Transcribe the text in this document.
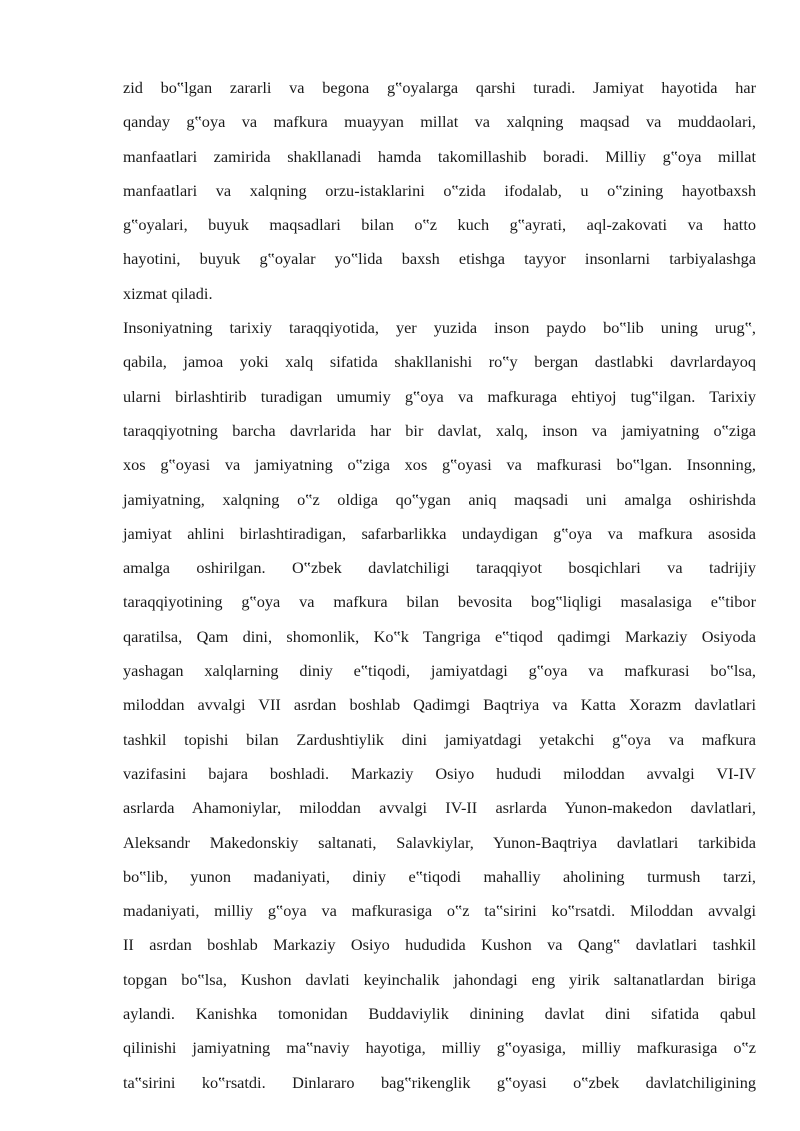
zid bo‟lgan zararli va begona g‟oyalarga qarshi turadi. Jamiyat hayotida har
qanday g‟oya va mafkura muayyan millat va xalqning maqsad va muddaolari,
manfaatlari zamirida shakllanadi hamda takomillashib boradi. Milliy g‟oya millat
manfaatlari va xalqning orzu-istaklarini o‟zida ifodalab, u o‟zining hayotbaxsh
g‟oyalari, buyuk maqsadlari bilan o‟z kuch g‟ayrati, aql-zakovati va hatto
hayotini, buyuk g‟oyalar yo‟lida baxsh etishga tayyor insonlarni tarbiyalashga
xizmat qiladi.
Insoniyatning tarixiy taraqqiyotida, yer yuzida inson paydo bo‟lib uning urug‟,
qabila, jamoa yoki xalq sifatida shakllanishi ro‟y bergan dastlabki davrlardayoq
ularni birlashtirib turadigan umumiy g‟oya va mafkuraga ehtiyoj tug‟ilgan. Tarixiy
taraqqiyotning barcha davrlarida har bir davlat, xalq, inson va jamiyatning o‟ziga
xos g‟oyasi va jamiyatning o‟ziga xos g‟oyasi va mafkurasi bo‟lgan. Insonning,
jamiyatning, xalqning o‟z oldiga qo‟ygan aniq maqsadi uni amalga oshirishda
jamiyat ahlini birlashtiradigan, safarbarlikka undaydigan g‟oya va mafkura asosida
amalga oshirilgan. O‟zbek davlatchiligi taraqqiyot bosqichlari va tadrijiy
taraqqiyotining g‟oya va mafkura bilan bevosita bog‟liqligi masalasiga e‟tibor
qaratilsa, Qam dini, shomonlik, Ko‟k Tangriga e‟tiqod qadimgi Markaziy Osiyoda
yashagan xalqlarning diniy e‟tiqodi, jamiyatdagi g‟oya va mafkurasi bo‟lsa,
miloddan avvalgi VII asrdan boshlab Qadimgi Baqtriya va Katta Xorazm davlatlari
tashkil topishi bilan Zardushtiylik dini jamiyatdagi yetakchi g‟oya va mafkura
vazifasini bajara boshladi. Markaziy Osiyo hududi miloddan avvalgi VI-IV
asrlarda Ahamoniylar, miloddan avvalgi IV-II asrlarda Yunon-makedon davlatlari,
Aleksandr Makedonskiy saltanati, Salavkiylar, Yunon-Baqtriya davlatlari tarkibida
bo‟lib, yunon madaniyati, diniy e‟tiqodi mahalliy aholining turmush tarzi,
madaniyati, milliy g‟oya va mafkurasiga o‟z ta‟sirini ko‟rsatdi. Miloddan avvalgi
II asrdan boshlab Markaziy Osiyo hududida Kushon va Qang‟ davlatlari tashkil
topgan bo‟lsa, Kushon davlati keyinchalik jahondagi eng yirik saltanatlardan biriga
aylandi. Kanishka tomonidan Buddaviylik dinining davlat dini sifatida qabul
qilinishi jamiyatning ma‟naviy hayotiga, milliy g‟oyasiga, milliy mafkurasiga o‟z
ta‟sirini ko‟rsatdi. Dinlararo bag‟rikenglik g‟oyasi o‟zbek davlatchiligining
